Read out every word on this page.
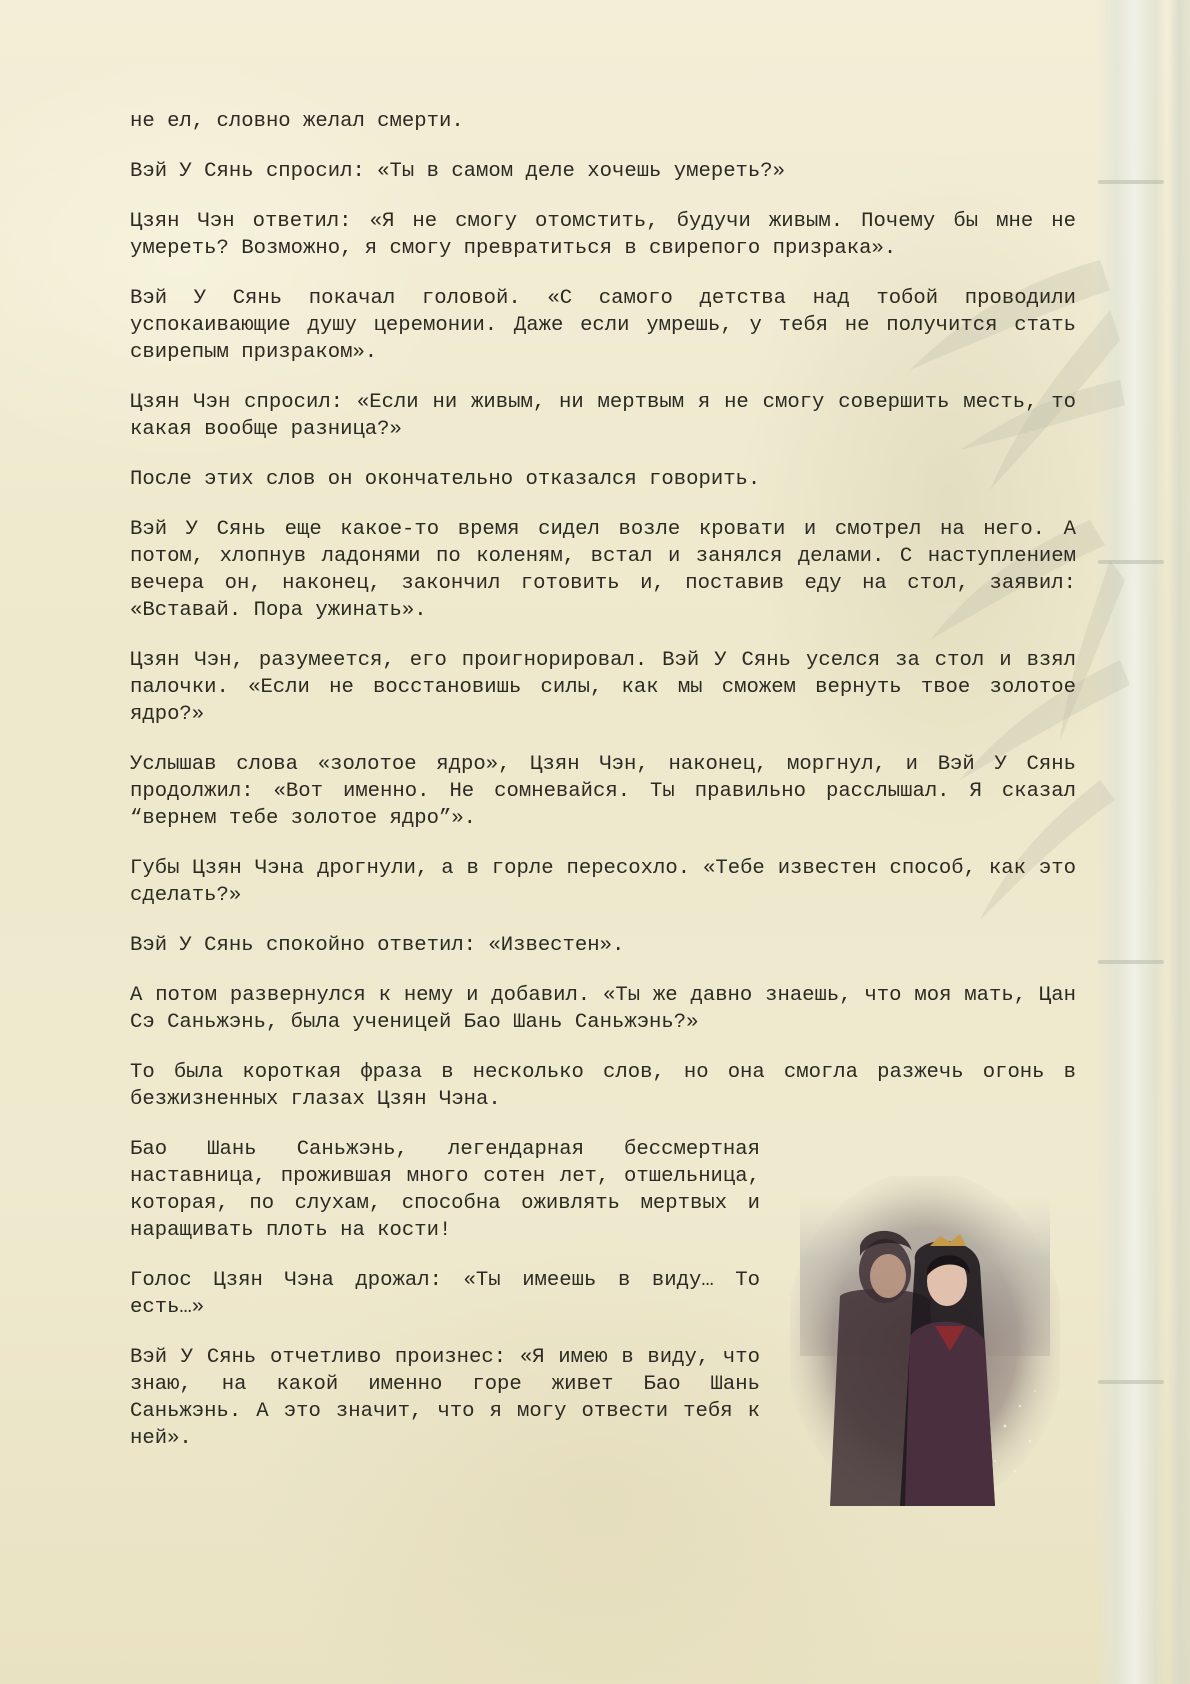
не ел, словно желал смерти.

Вэй У Сянь спросил: «Ты в самом деле хочешь умереть?»

Цзян Чэн ответил: «Я не смогу отомстить, будучи живым. Почему бы мне не умереть? Возможно, я смогу превратиться в свирепого призрака».

Вэй У Сянь покачал головой. «С самого детства над тобой проводили успокаивающие душу церемонии. Даже если умрешь, у тебя не получится стать свирепым призраком».

Цзян Чэн спросил: «Если ни живым, ни мертвым я не смогу совершить месть, то какая вообще разница?»

После этих слов он окончательно отказался говорить.

Вэй У Сянь еще какое-то время сидел возле кровати и смотрел на него. А потом, хлопнув ладонями по коленям, встал и занялся делами. С наступлением вечера он, наконец, закончил готовить и, поставив еду на стол, заявил: «Вставай. Пора ужинать».

Цзян Чэн, разумеется, его проигнорировал. Вэй У Сянь уселся за стол и взял палочки. «Если не восстановишь силы, как мы сможем вернуть твое золотое ядро?»

Услышав слова «золотое ядро», Цзян Чэн, наконец, моргнул, и Вэй У Сянь продолжил: «Вот именно. Не сомневайся. Ты правильно расслышал. Я сказал “вернем тебе золотое ядро”».

Губы Цзян Чэна дрогнули, а в горле пересохло. «Тебе известен способ, как это сделать?»

Вэй У Сянь спокойно ответил: «Известен».

А потом развернулся к нему и добавил. «Ты же давно знаешь, что моя мать, Цан Сэ Саньжэнь, была ученицей Бао Шань Саньжэнь?»

То была короткая фраза в несколько слов, но она смогла разжечь огонь в безжизненных глазах Цзян Чэна.

Бао Шань Саньжэнь, легендарная бессмертная наставница, прожившая много сотен лет, отшельница, которая, по слухам, способна оживлять мертвых и наращивать плоть на кости!

Голос Цзян Чэна дрожал: «Ты имеешь в виду… То есть…»

Вэй У Сянь отчетливо произнес: «Я имею в виду, что знаю, на какой именно горе живет Бао Шань Саньжэнь. А это значит, что я могу отвести тебя к ней».
